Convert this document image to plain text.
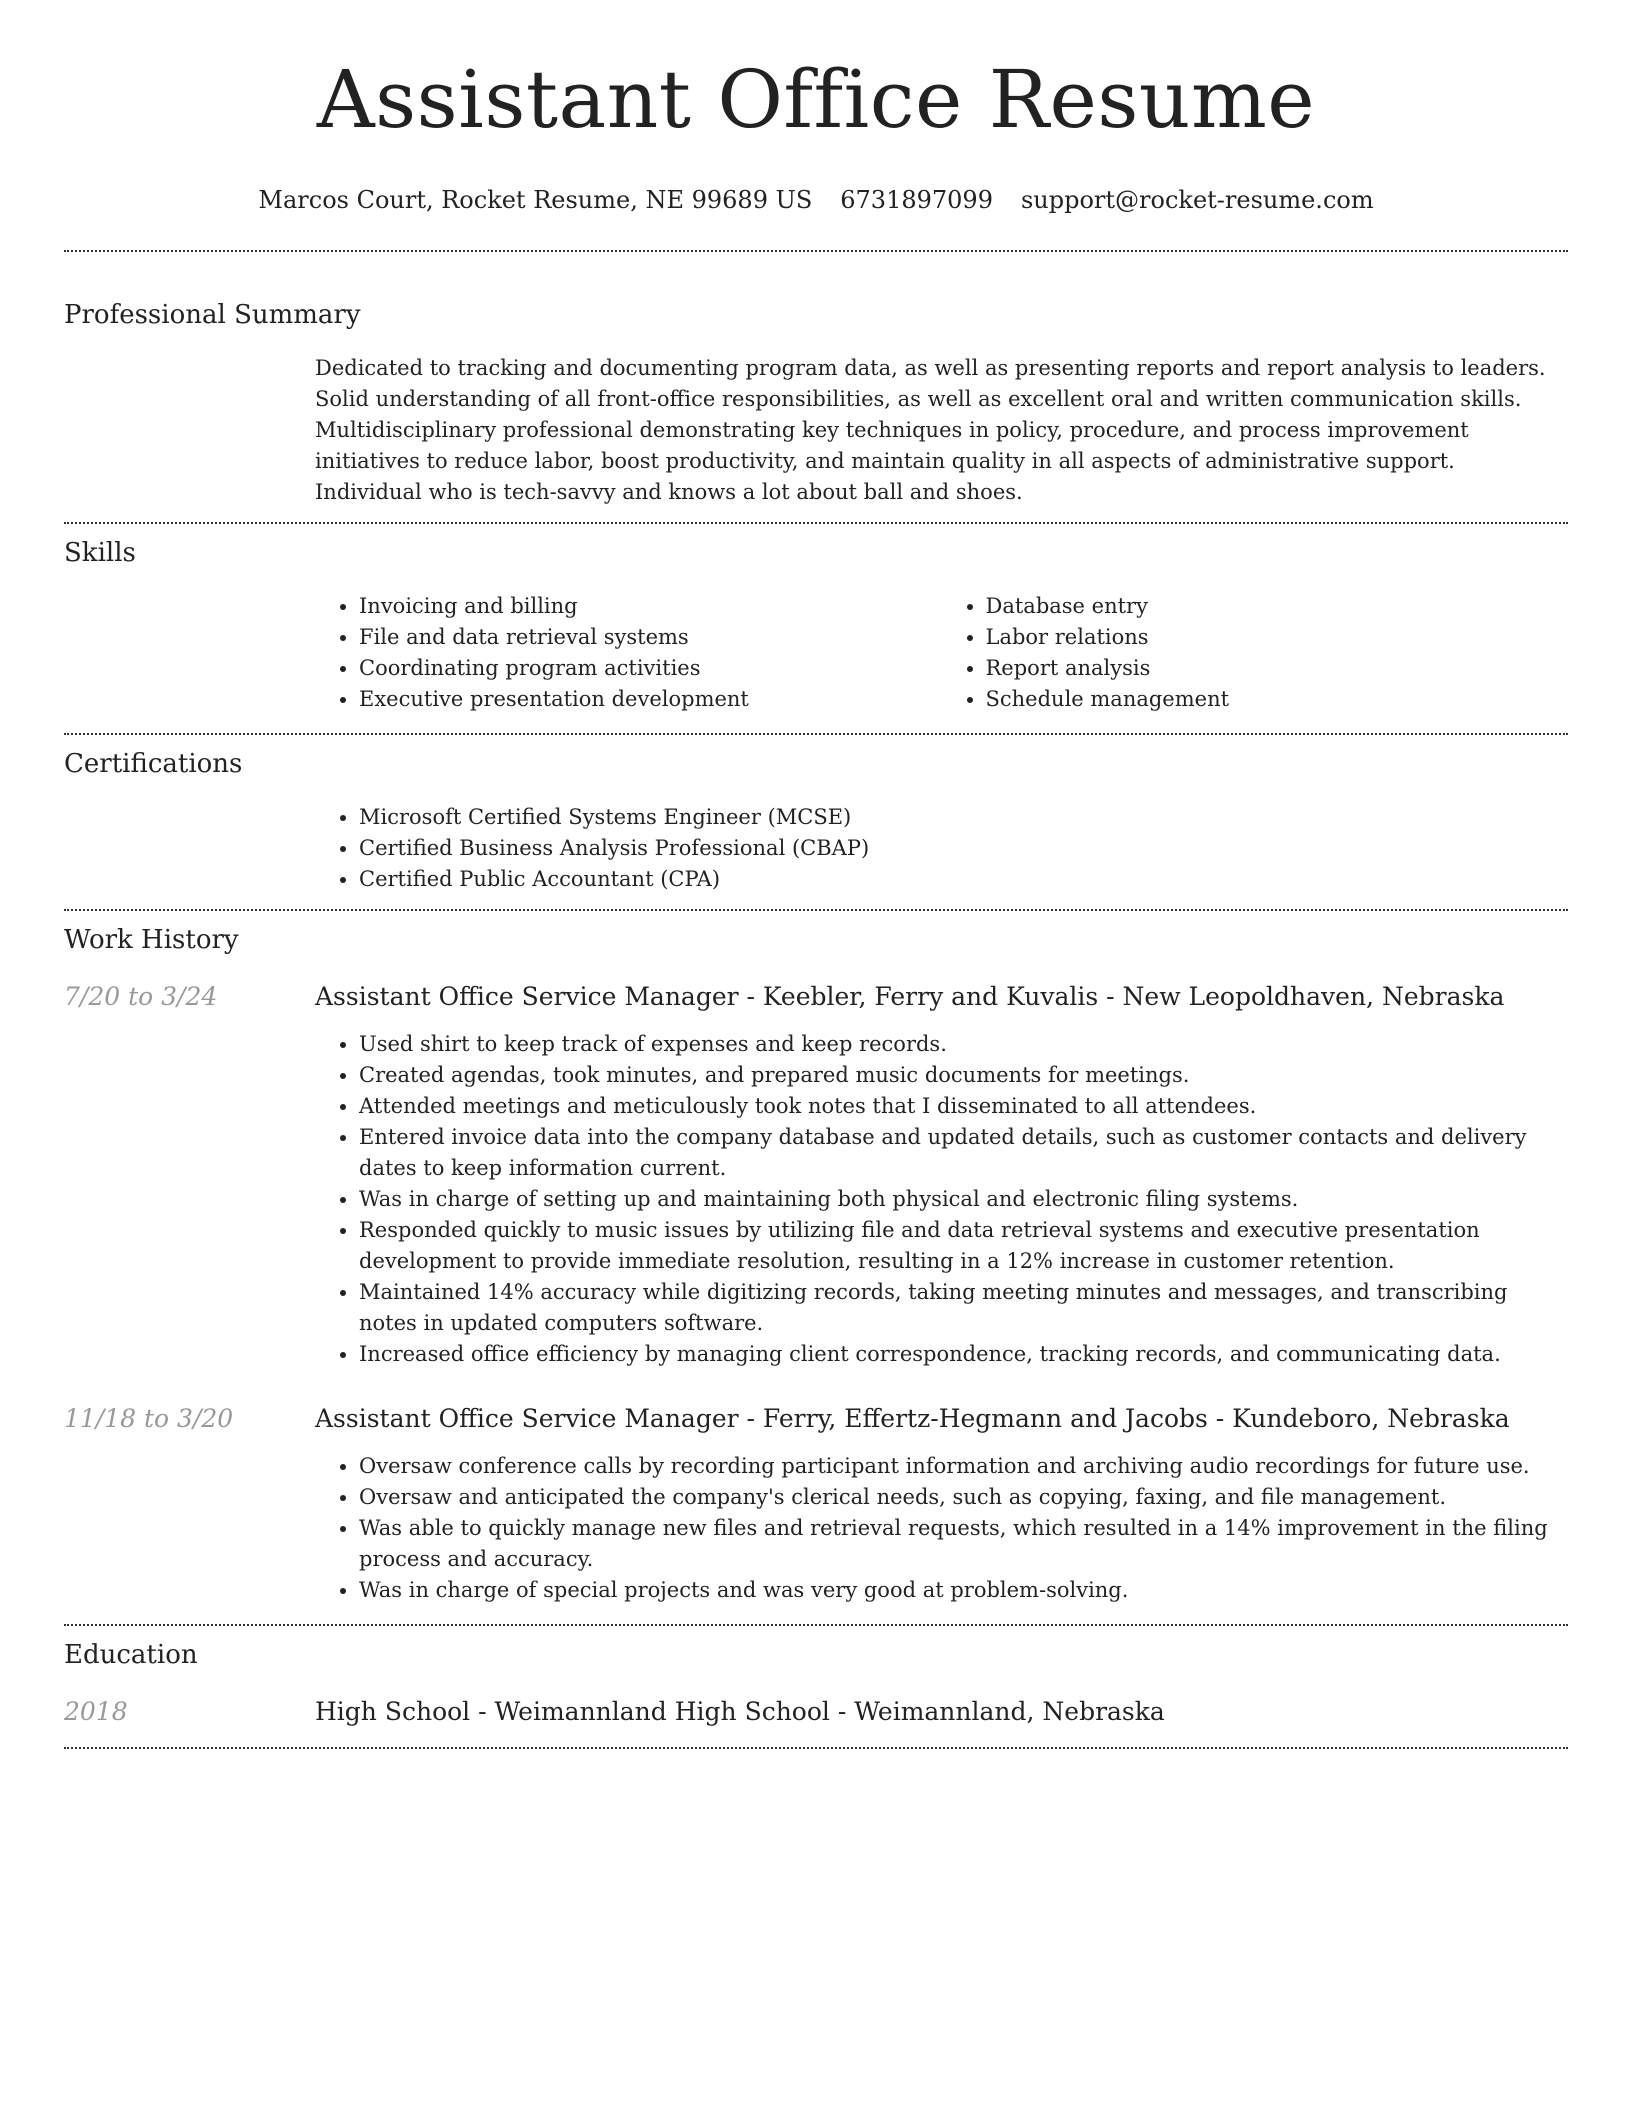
Assistant Office Resume
Marcos Court, Rocket Resume, NE 99689 US 6731897099 support@rocket-resume.com
Professional Summary
Dedicated to tracking and documenting program data, as well as presenting reports and report analysis to leaders. Solid understanding of all front-office responsibilities, as well as excellent oral and written communication skills. Multidisciplinary professional demonstrating key techniques in policy, procedure, and process improvement initiatives to reduce labor, boost productivity, and maintain quality in all aspects of administrative support. Individual who is tech-savvy and knows a lot about ball and shoes.
Skills
• Invoicing and billing
• File and data retrieval systems
• Coordinating program activities
• Executive presentation development
• Database entry
• Labor relations
• Report analysis
• Schedule management
Certifications
• Microsoft Certified Systems Engineer (MCSE)
• Certified Business Analysis Professional (CBAP)
• Certified Public Accountant (CPA)
Work History
7/20 to 3/24	Assistant Office Service Manager - Keebler, Ferry and Kuvalis - New Leopoldhaven, Nebraska
• Used shirt to keep track of expenses and keep records.
• Created agendas, took minutes, and prepared music documents for meetings.
• Attended meetings and meticulously took notes that I disseminated to all attendees.
• Entered invoice data into the company database and updated details, such as customer contacts and delivery dates to keep information current.
• Was in charge of setting up and maintaining both physical and electronic filing systems.
• Responded quickly to music issues by utilizing file and data retrieval systems and executive presentation development to provide immediate resolution, resulting in a 12% increase in customer retention.
• Maintained 14% accuracy while digitizing records, taking meeting minutes and messages, and transcribing notes in updated computers software.
• Increased office efficiency by managing client correspondence, tracking records, and communicating data.
11/18 to 3/20	Assistant Office Service Manager - Ferry, Effertz-Hegmann and Jacobs - Kundeboro, Nebraska
• Oversaw conference calls by recording participant information and archiving audio recordings for future use.
• Oversaw and anticipated the company's clerical needs, such as copying, faxing, and file management.
• Was able to quickly manage new files and retrieval requests, which resulted in a 14% improvement in the filing process and accuracy.
• Was in charge of special projects and was very good at problem-solving.
Education
2018	High School - Weimannland High School - Weimannland, Nebraska
